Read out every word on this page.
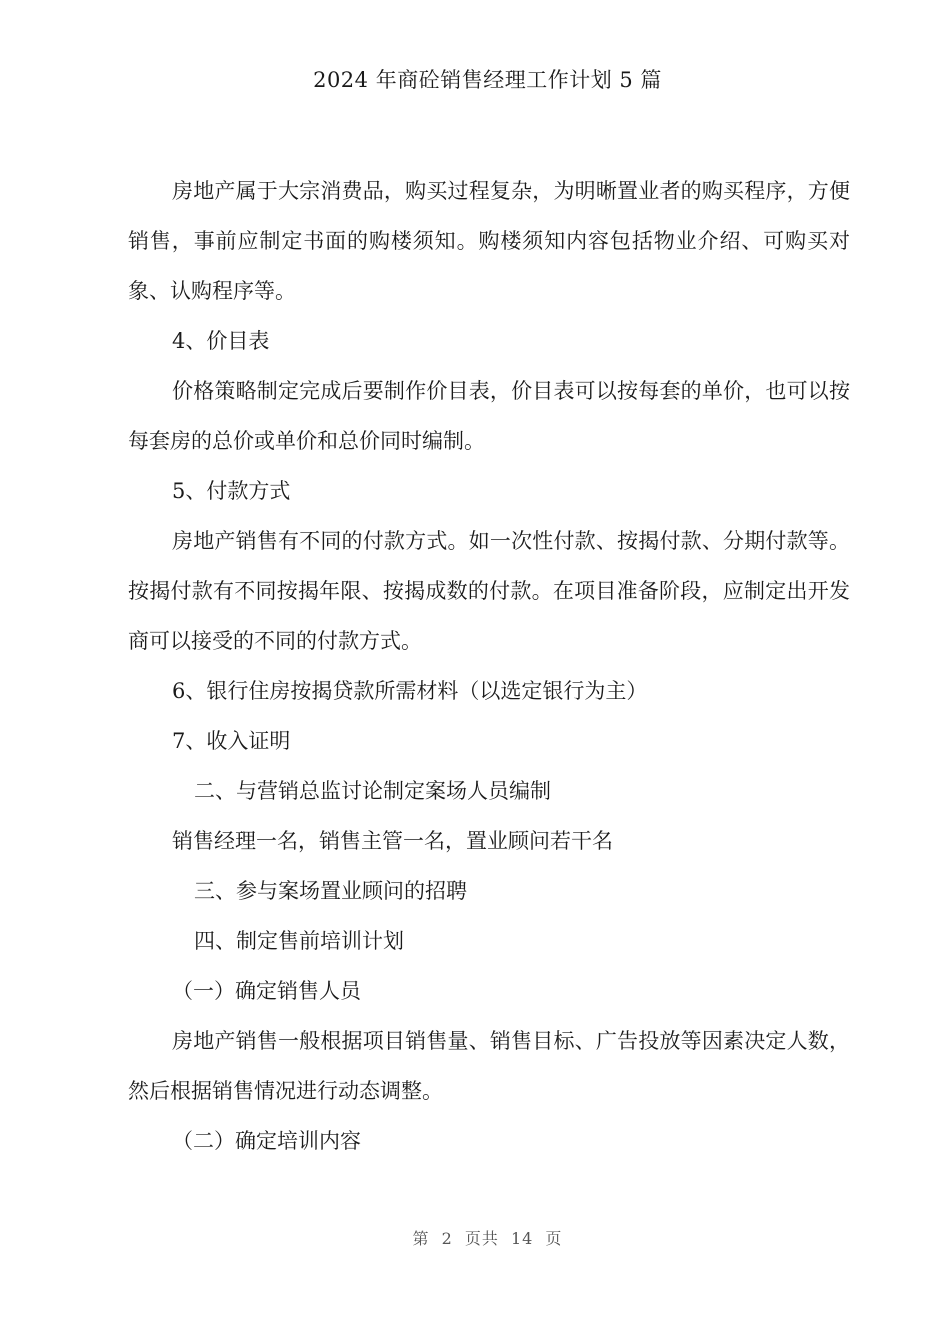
2024 年商砼销售经理工作计划 5 篇

房地产属于大宗消费品，购买过程复杂，为明晰置业者的购买程序，方便销售，事前应制定书面的购楼须知。购楼须知内容包括物业介绍、可购买对象、认购程序等。

4、价目表

价格策略制定完成后要制作价目表，价目表可以按每套的单价，也可以按每套房的总价或单价和总价同时编制。

5、付款方式

房地产销售有不同的付款方式。如一次性付款、按揭付款、分期付款等。按揭付款有不同按揭年限、按揭成数的付款。在项目准备阶段，应制定出开发商可以接受的不同的付款方式。

6、银行住房按揭贷款所需材料（以选定银行为主）

7、收入证明

二、与营销总监讨论制定案场人员编制

销售经理一名，销售主管一名，置业顾问若干名

三、参与案场置业顾问的招聘

四、制定售前培训计划

（一）确定销售人员

房地产销售一般根据项目销售量、销售目标、广告投放等因素决定人数，然后根据销售情况进行动态调整。

（二）确定培训内容

第 2 页共 14 页
